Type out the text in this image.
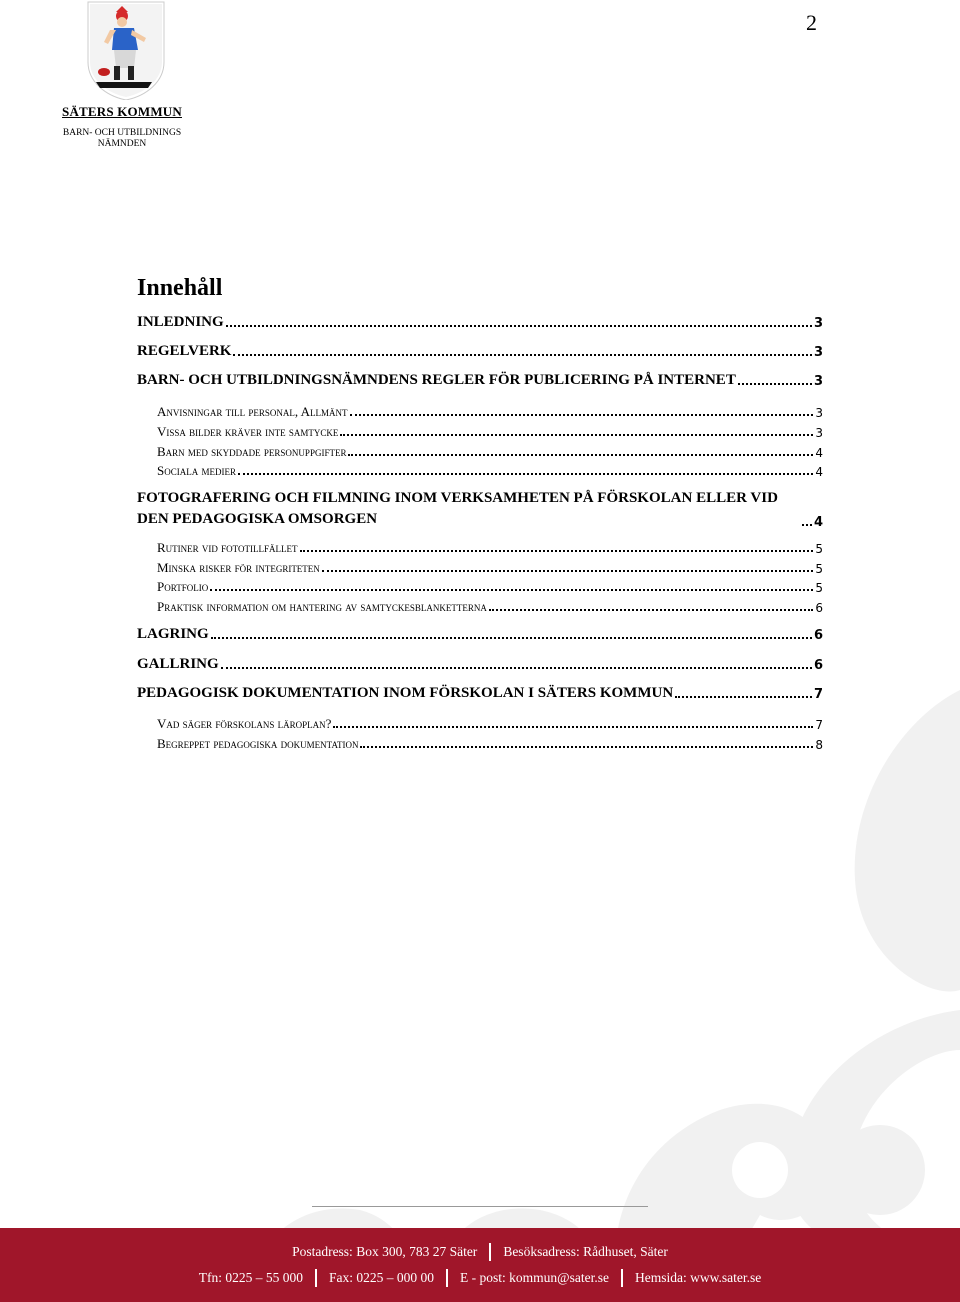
2
SÄTERS KOMMUN
BARN- OCH UTBILDNINGS
NÄMNDEN
Innehåll
INLEDNING	3
REGELVERK	3
BARN- OCH UTBILDNINGSNÄMNDENS REGLER FÖR PUBLICERING PÅ INTERNET	3
Anvisningar till personal, Allmänt	3
Vissa bilder kräver inte samtycke	3
Barn med skyddade personuppgifter	4
Sociala medier	4
FOTOGRAFERING OCH FILMNING INOM VERKSAMHETEN PÅ FÖRSKOLAN ELLER VID DEN PEDAGOGISKA OMSORGEN	4
Rutiner vid fototillfället	5
Minska risker för integriteten	5
Portfolio	5
Praktisk information om hantering av samtyckesblanketterna	6
LAGRING	6
GALLRING	6
PEDAGOGISK DOKUMENTATION INOM FÖRSKOLAN I SÄTERS KOMMUN	7
Vad säger förskolans läroplan?	7
Begreppet pedagogiska dokumentation	8
Postadress: Box 300, 783 27 Säter Besöksadress: Rådhuset, Säter
Tfn: 0225 – 55 000 Fax: 0225 – 000 00 E - post: kommun@sater.se Hemsida: www.sater.se
